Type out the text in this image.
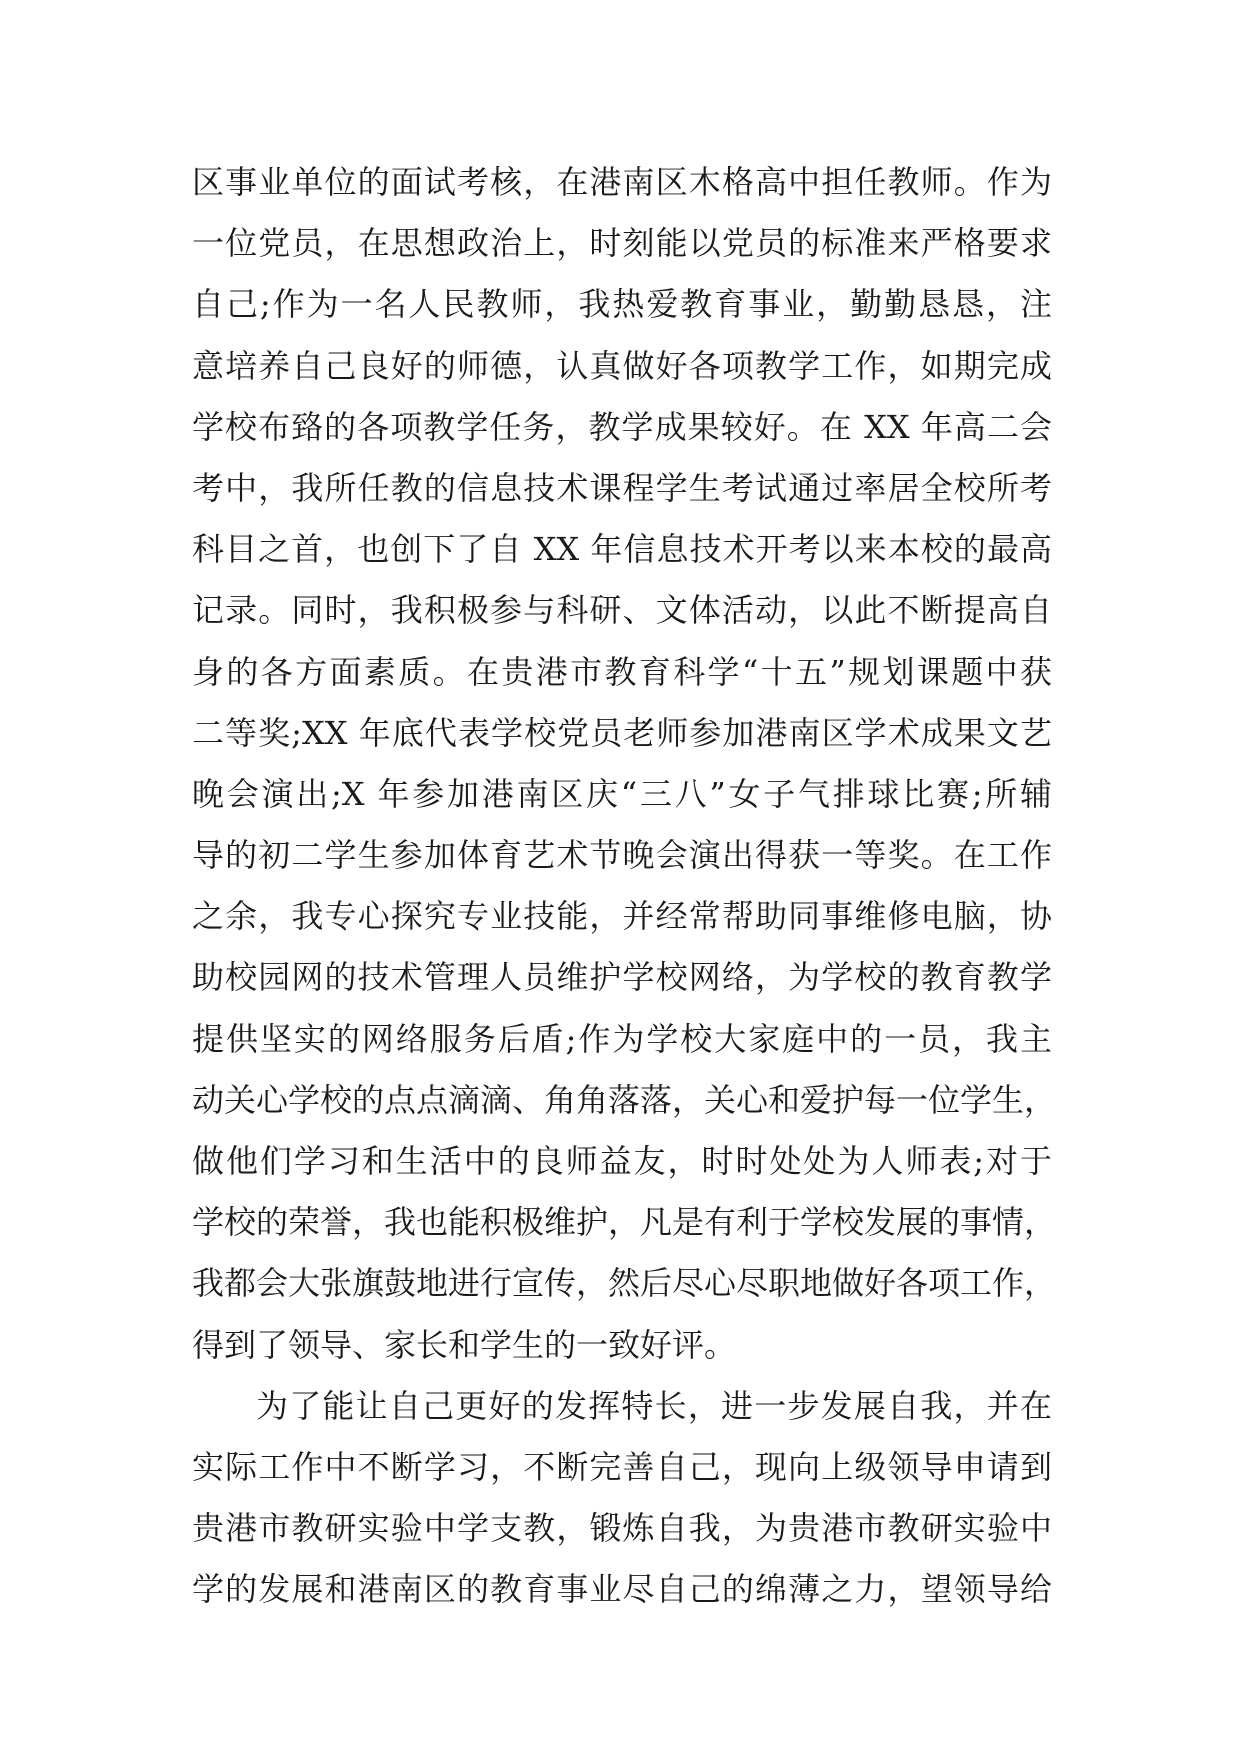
区事业单位的面试考核，在港南区木格高中担任教师。作为
一位党员，在思想政治上，时刻能以党员的标准来严格要求
自己;作为一名人民教师，我热爱教育事业，勤勤恳恳，注
意培养自己良好的师德，认真做好各项教学工作，如期完成
学校布臵的各项教学任务，教学成果较好。在 XX 年高二会
考中，我所任教的信息技术课程学生考试通过率居全校所考
科目之首，也创下了自 XX 年信息技术开考以来本校的最高
记录。同时，我积极参与科研、文体活动，以此不断提高自
身的各方面素质。在贵港市教育科学“十五”规划课题中获
二等奖;XX 年底代表学校党员老师参加港南区学术成果文艺
晚会演出;X 年参加港南区庆“三八”女子气排球比赛;所辅
导的初二学生参加体育艺术节晚会演出得获一等奖。在工作
之余，我专心探究专业技能，并经常帮助同事维修电脑，协
助校园网的技术管理人员维护学校网络，为学校的教育教学
提供坚实的网络服务后盾;作为学校大家庭中的一员，我主
动关心学校的点点滴滴、角角落落，关心和爱护每一位学生，
做他们学习和生活中的良师益友，时时处处为人师表;对于
学校的荣誉，我也能积极维护，凡是有利于学校发展的事情，
我都会大张旗鼓地进行宣传，然后尽心尽职地做好各项工作，
得到了领导、家长和学生的一致好评。
为了能让自己更好的发挥特长，进一步发展自我，并在
实际工作中不断学习，不断完善自己，现向上级领导申请到
贵港市教研实验中学支教，锻炼自我，为贵港市教研实验中
学的发展和港南区的教育事业尽自己的绵薄之力，望领导给
